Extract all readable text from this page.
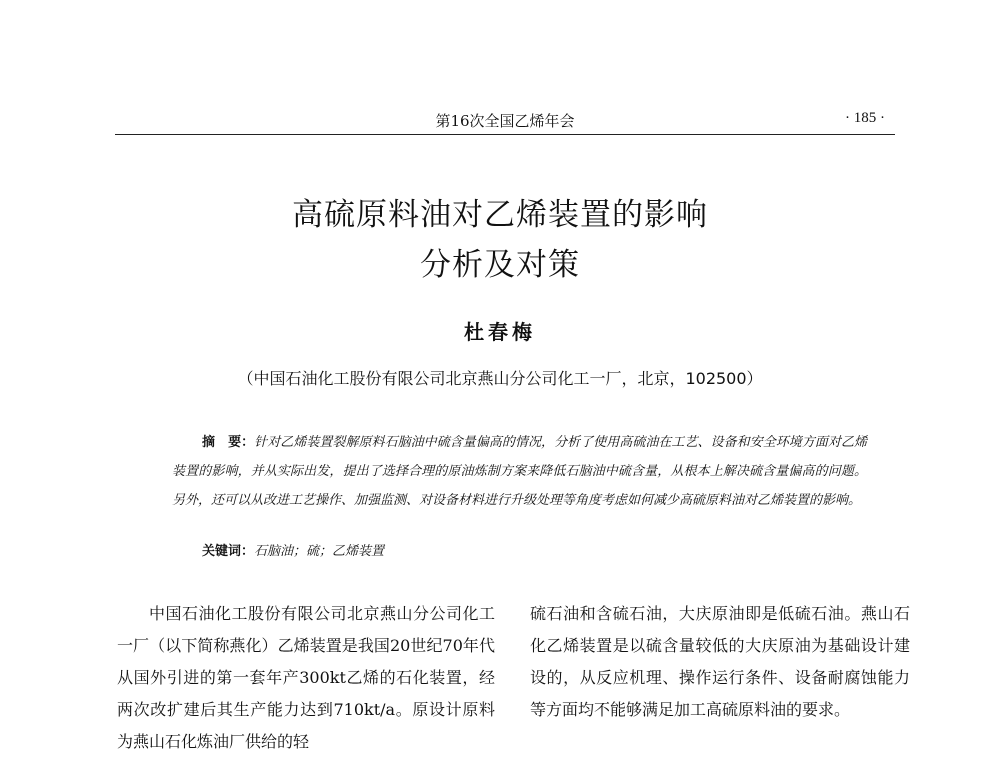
第16次全国乙烯年会	· 185 ·
高硫原料油对乙烯装置的影响
分析及对策
杜春梅
（中国石油化工股份有限公司北京燕山分公司化工一厂，北京，102500）
摘　要：针对乙烯装置裂解原料石脑油中硫含量偏高的情况，分析了使用高硫油在工艺、设备和安全环境方面对乙烯装置的影响，并从实际出发，提出了选择合理的原油炼制方案来降低石脑油中硫含量，从根本上解决硫含量偏高的问题。另外，还可以从改进工艺操作、加强监测、对设备材料进行升级处理等角度考虑如何减少高硫原料油对乙烯装置的影响。
关键词：石脑油；硫；乙烯装置

中国石油化工股份有限公司北京燕山分公司化工一厂（以下简称燕化）乙烯装置是我国20世纪70年代从国外引进的第一套年产300kt乙烯的石化装置，经两次改扩建后其生产能力达到710kt/a。原设计原料为燕山石化炼油厂供给的轻

硫石油和含硫石油，大庆原油即是低硫石油。燕山石化乙烯装置是以硫含量较低的大庆原油为基础设计建设的，从反应机理、操作运行条件、设备耐腐蚀能力等方面均不能够满足加工高硫原料油的要求。
